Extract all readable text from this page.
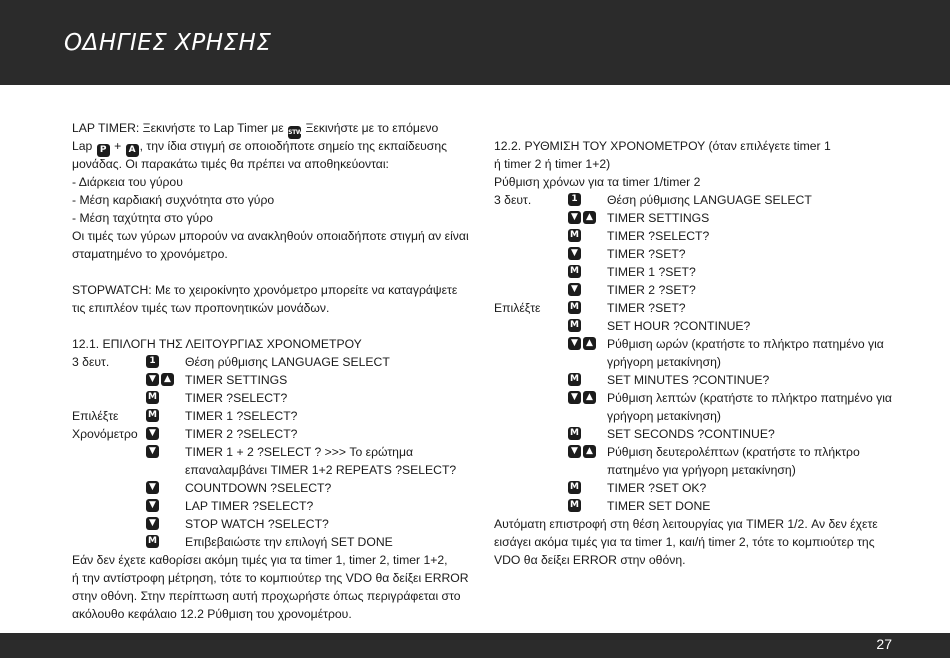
ΟΔΗΓΙΕΣ ΧΡΗΣΗΣ
LAP TIMER: Ξεκινήστε το Lap Timer με STW Ξεκινήστε με το επόμενο
Lap P + A , την ίδια στιγμή σε οποιοδήποτε σημείο της εκπαίδευσης
μονάδας. Οι παρακάτω τιμές θα πρέπει να αποθηκεύονται:
- Διάρκεια του γύρου
- Μέση καρδιακή συχνότητα στο γύρο
- Μέση ταχύτητα στο γύρο
Οι τιμές των γύρων μπορούν να ανακληθούν οποιαδήποτε στιγμή αν είναι
σταματημένο το χρονόμετρο.
STOPWATCH: Με το χειροκίνητο χρονόμετρο μπορείτε να καταγράψετε
τις επιπλέον τιμές των προπονητικών μονάδων.
12.1. ΕΠΙΛΟΓΗ ΤΗΣ ΛΕΙΤΟΥΡΓΙΑΣ ΧΡΟΝΟΜΕΤΡΟΥ
3 δευτ.	1 Θέση ρύθμισης LANGUAGE SELECT
▼ ▲ TIMER SETTINGS
M TIMER ?SELECT?
Επιλέξτε	M TIMER 1 ?SELECT?
Χρονόμετρο	▼ TIMER 2 ?SELECT?
▼ TIMER 1 + 2 ?SELECT ? >>> Το ερώτημα
επαναλαμβάνει TIMER 1+2 REPEATS ?SELECT?
▼ COUNTDOWN ?SELECT?
▼ LAP TIMER ?SELECT?
▼ STOP WATCH ?SELECT?
M Επιβεβαιώστε την επιλογή SET DONE
Εάν δεν έχετε καθορίσει ακόμη τιμές για τα timer 1, timer 2, timer 1+2,
ή την αντίστροφη μέτρηση, τότε το κομπιούτερ της VDO θα δείξει ERROR
στην οθόνη. Στην περίπτωση αυτή προχωρήστε όπως περιγράφεται στο
ακόλουθο κεφάλαιο 12.2 Ρύθμιση του χρονομέτρου.
12.2. ΡΥΘΜΙΣΗ ΤΟΥ ΧΡΟΝΟΜΕΤΡΟΥ (όταν επιλέγετε timer 1
ή timer 2 ή timer 1+2)
Ρύθμιση χρόνων για τα timer 1/timer 2
3 δευτ.	1 Θέση ρύθμισης LANGUAGE SELECT
▼ ▲ TIMER SETTINGS
M TIMER ?SELECT?
▼ TIMER ?SET?
M TIMER 1 ?SET?
▼ TIMER 2 ?SET?
Επιλέξτε	M TIMER ?SET?
M SET HOUR ?CONTINUE?
▼ ▲ Ρύθμιση ωρών (κρατήστε το πλήκτρο πατημένο για
γρήγορη μετακίνηση)
M SET MINUTES ?CONTINUE?
▼ ▲ Ρύθμιση λεπτών (κρατήστε το πλήκτρο πατημένο για
γρήγορη μετακίνηση)
M SET SECONDS ?CONTINUE?
▼ ▲ Ρύθμιση δευτερολέπτων (κρατήστε το πλήκτρο
πατημένο για γρήγορη μετακίνηση)
M TIMER ?SET OK?
M TIMER SET DONE
Αυτόματη επιστροφή στη θέση λειτουργίας για TIMER 1/2. Αν δεν έχετε
εισάγει ακόμα τιμές για τα timer 1, και/ή timer 2, τότε το κομπιούτερ της
VDO θα δείξει ERROR στην οθόνη.
27
